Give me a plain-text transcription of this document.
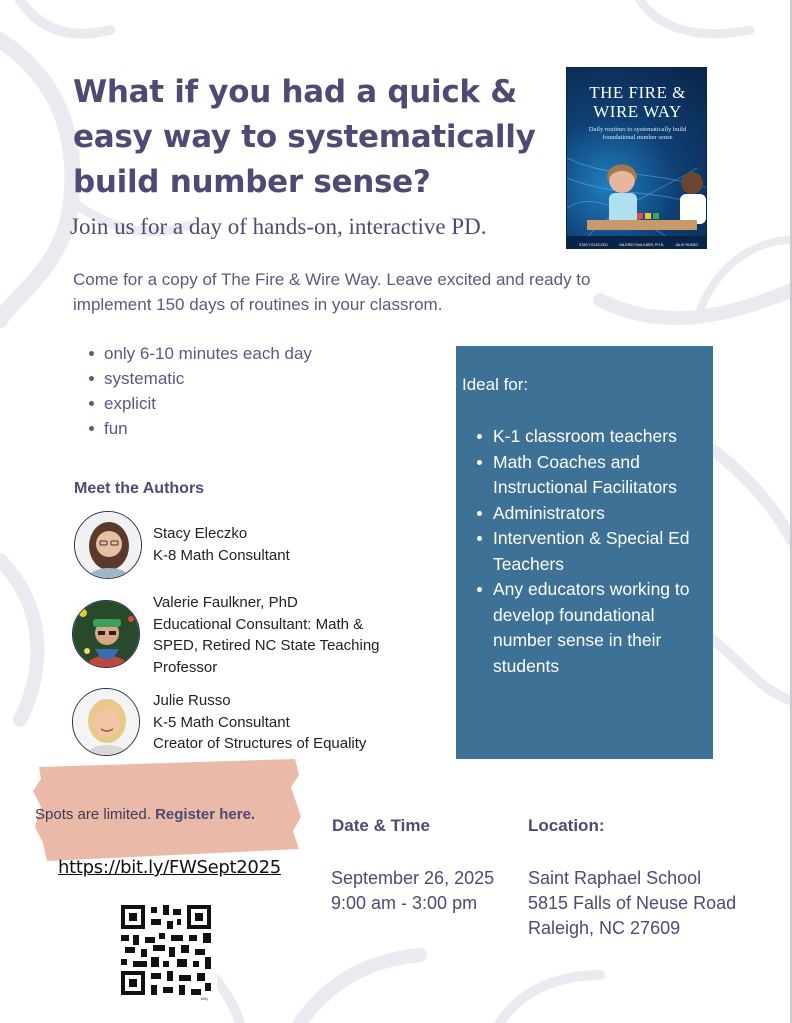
What if you had a quick &
easy way to systematically
build number sense?
Join us for a day of hands-on, interactive PD.
Come for a copy of The Fire & Wire Way. Leave excited and ready to
implement 150 days of routines in your classrom.
STACY ELECZKO	VALERIE FAULKNER, PH.D.	JULIE RUSSO
THE FIRE &
WIRE WAY
Daily routines to systematically build foundational number sense
only 6-10 minutes each day
systematic
explicit
fun
Ideal for:
K-1 classroom teachers
Math Coaches and Instructional Facilitators
Administrators
Intervention & Special Ed Teachers
Any educators working to develop foundational number sense in their students
Meet the Authors
Stacy Eleczko
K-8 Math Consultant
Valerie Faulkner, PhD
Educational Consultant: Math &
SPED, Retired NC State Teaching
Professor
Julie Russo
K-5 Math Consultant
Creator of Structures of Equality
Spots are limited. Register here.
https://bit.ly/FWSept2025
bitly
Date & Time	Location:
September 26, 2025
9:00 am - 3:00 pm
Saint Raphael School
5815 Falls of Neuse Road
Raleigh, NC 27609
